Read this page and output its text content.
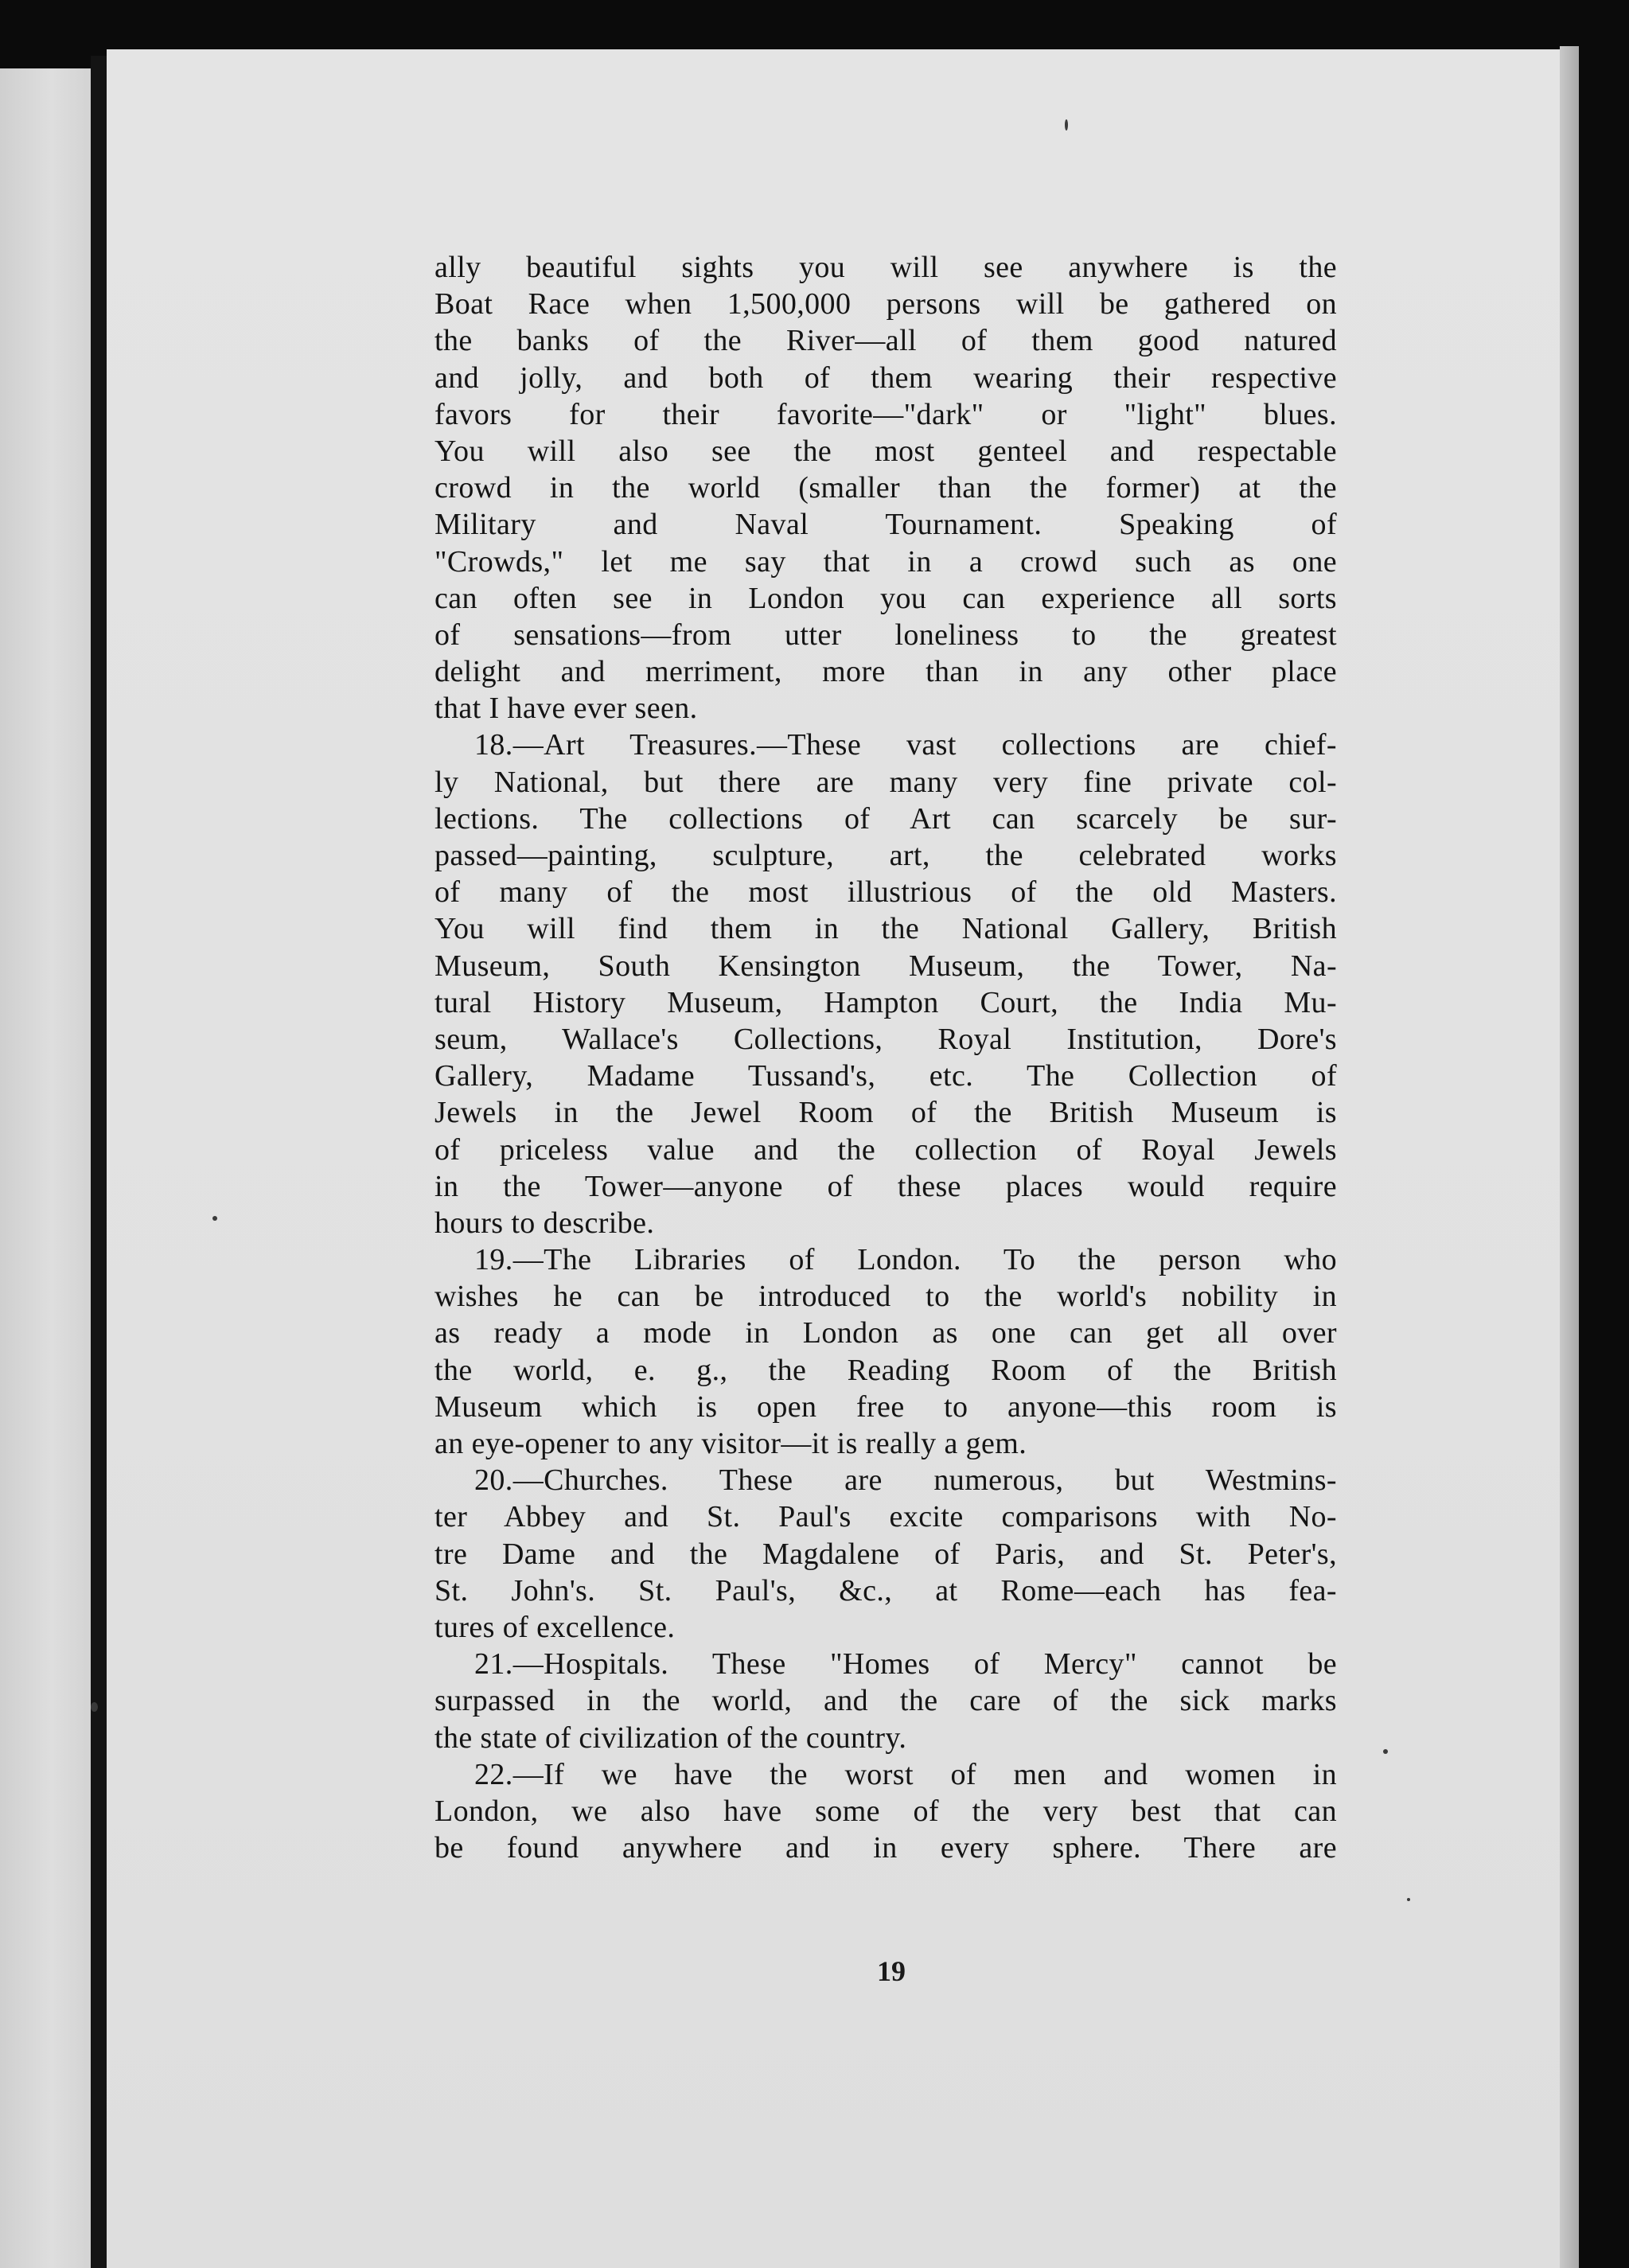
ally beautiful sights you will see anywhere is the
Boat Race when 1,500,000 persons will be gathered on
the banks of the River—all of them good natured
and jolly, and both of them wearing their respective
favors for their favorite—"dark" or "light" blues.
You will also see the most genteel and respectable
crowd in the world (smaller than the former) at the
Military and Naval Tournament. Speaking of
"Crowds," let me say that in a crowd such as one
can often see in London you can experience all sorts
of sensations—from utter loneliness to the greatest
delight and merriment, more than in any other place
that I have ever seen.
18.—Art Treasures.—These vast collections are chief-
ly National, but there are many very fine private col-
lections. The collections of Art can scarcely be sur-
passed—painting, sculpture, art, the celebrated works
of many of the most illustrious of the old Masters.
You will find them in the National Gallery, British
Museum, South Kensington Museum, the Tower, Na-
tural History Museum, Hampton Court, the India Mu-
seum, Wallace's Collections, Royal Institution, Dore's
Gallery, Madame Tussand's, etc. The Collection of
Jewels in the Jewel Room of the British Museum is
of priceless value and the collection of Royal Jewels
in the Tower—anyone of these places would require
hours to describe.
19.—The Libraries of London. To the person who
wishes he can be introduced to the world's nobility in
as ready a mode in London as one can get all over
the world, e. g., the Reading Room of the British
Museum which is open free to anyone—this room is
an eye-opener to any visitor—it is really a gem.
20.—Churches. These are numerous, but Westmins-
ter Abbey and St. Paul's excite comparisons with No-
tre Dame and the Magdalene of Paris, and St. Peter's,
St. John's. St. Paul's, &c., at Rome—each has fea-
tures of excellence.
21.—Hospitals. These "Homes of Mercy" cannot be
surpassed in the world, and the care of the sick marks
the state of civilization of the country.
22.—If we have the worst of men and women in
London, we also have some of the very best that can
be found anywhere and in every sphere. There are
19
